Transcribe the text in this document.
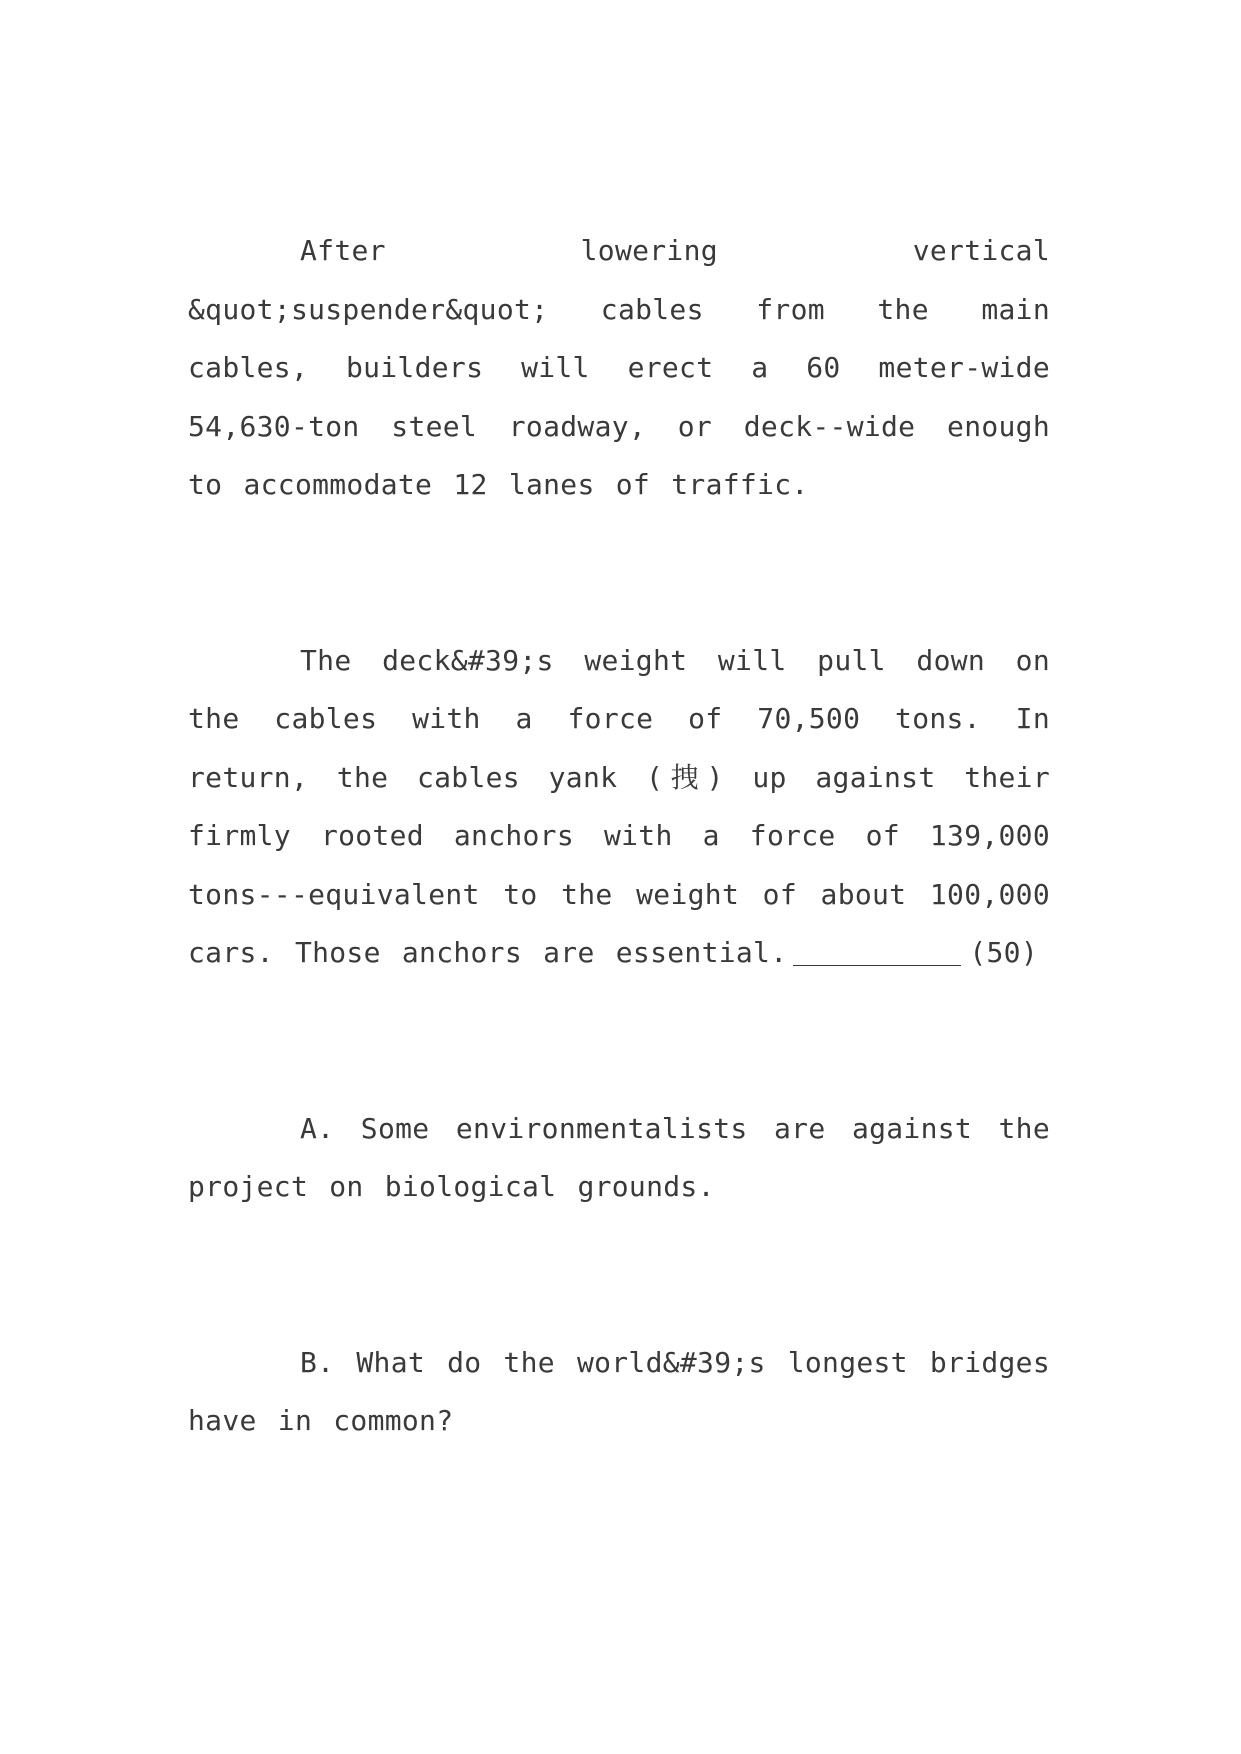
After lowering vertical &quot;suspender&quot; cables from the main cables, builders will erect a 60 meter-wide 54,630-ton steel roadway, or deck--wide enough to accommodate 12 lanes of traffic.

The deck&#39;s weight will pull down on the cables with a force of 70,500 tons. In return, the cables yank (拽) up against their firmly rooted anchors with a force of 139,000 tons---equivalent to the weight of about 100,000 cars. Those anchors are essential.	(50)

A. Some environmentalists are against the project on biological grounds.

B. What do the world&#39;s longest bridges have in common?
